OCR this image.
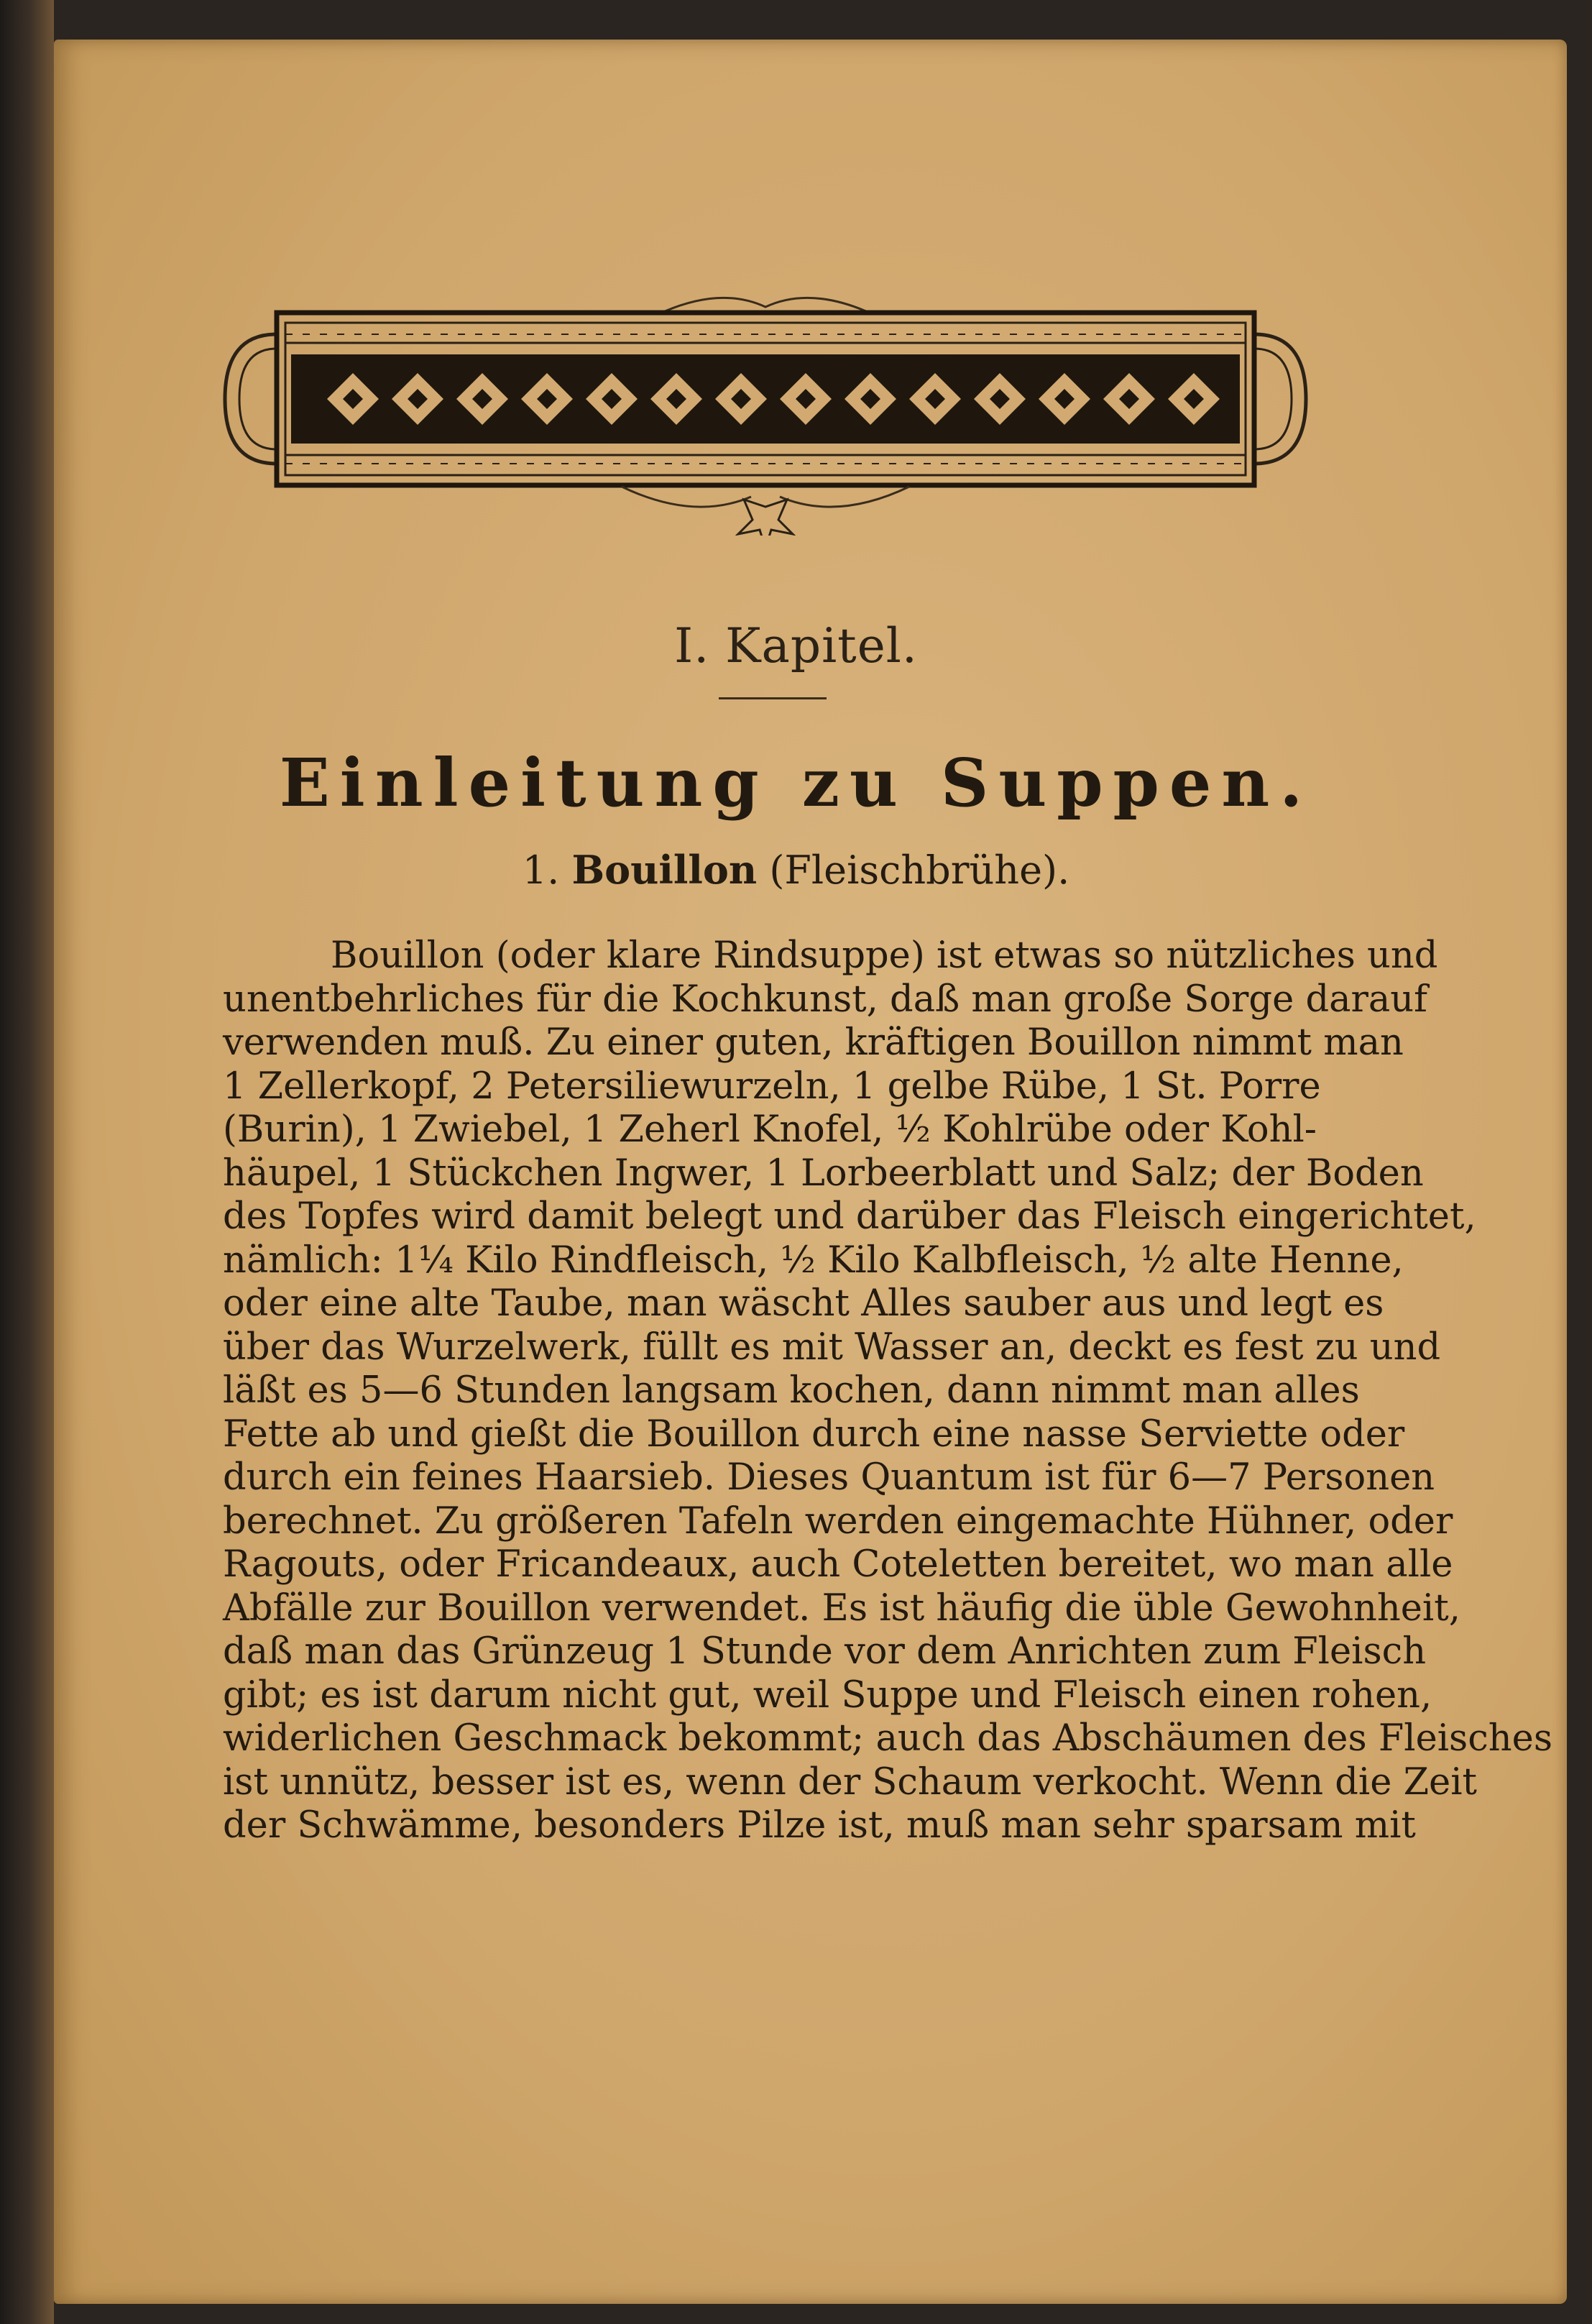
I. Kapitel.
Einleitung zu Suppen.
1. Bouillon (Fleischbrühe).
Bouillon (oder klare Rindsuppe) ist etwas so nützliches und
unentbehrliches für die Kochkunst, daß man große Sorge darauf
verwenden muß. Zu einer guten, kräftigen Bouillon nimmt man
1 Zellerkopf, 2 Petersiliewurzeln, 1 gelbe Rübe, 1 St. Porre
(Burin), 1 Zwiebel, 1 Zeherl Knofel, ½ Kohlrübe oder Kohl-
häupel, 1 Stückchen Ingwer, 1 Lorbeerblatt und Salz; der Boden
des Topfes wird damit belegt und darüber das Fleisch eingerichtet,
nämlich: 1¼ Kilo Rindfleisch, ½ Kilo Kalbfleisch, ½ alte Henne,
oder eine alte Taube, man wäscht Alles sauber aus und legt es
über das Wurzelwerk, füllt es mit Wasser an, deckt es fest zu und
läßt es 5—6 Stunden langsam kochen, dann nimmt man alles
Fette ab und gießt die Bouillon durch eine nasse Serviette oder
durch ein feines Haarsieb. Dieses Quantum ist für 6—7 Personen
berechnet. Zu größeren Tafeln werden eingemachte Hühner, oder
Ragouts, oder Fricandeaux, auch Coteletten bereitet, wo man alle
Abfälle zur Bouillon verwendet. Es ist häufig die üble Gewohnheit,
daß man das Grünzeug 1 Stunde vor dem Anrichten zum Fleisch
gibt; es ist darum nicht gut, weil Suppe und Fleisch einen rohen,
widerlichen Geschmack bekommt; auch das Abschäumen des Fleisches
ist unnütz, besser ist es, wenn der Schaum verkocht. Wenn die Zeit
der Schwämme, besonders Pilze ist, muß man sehr sparsam mit
